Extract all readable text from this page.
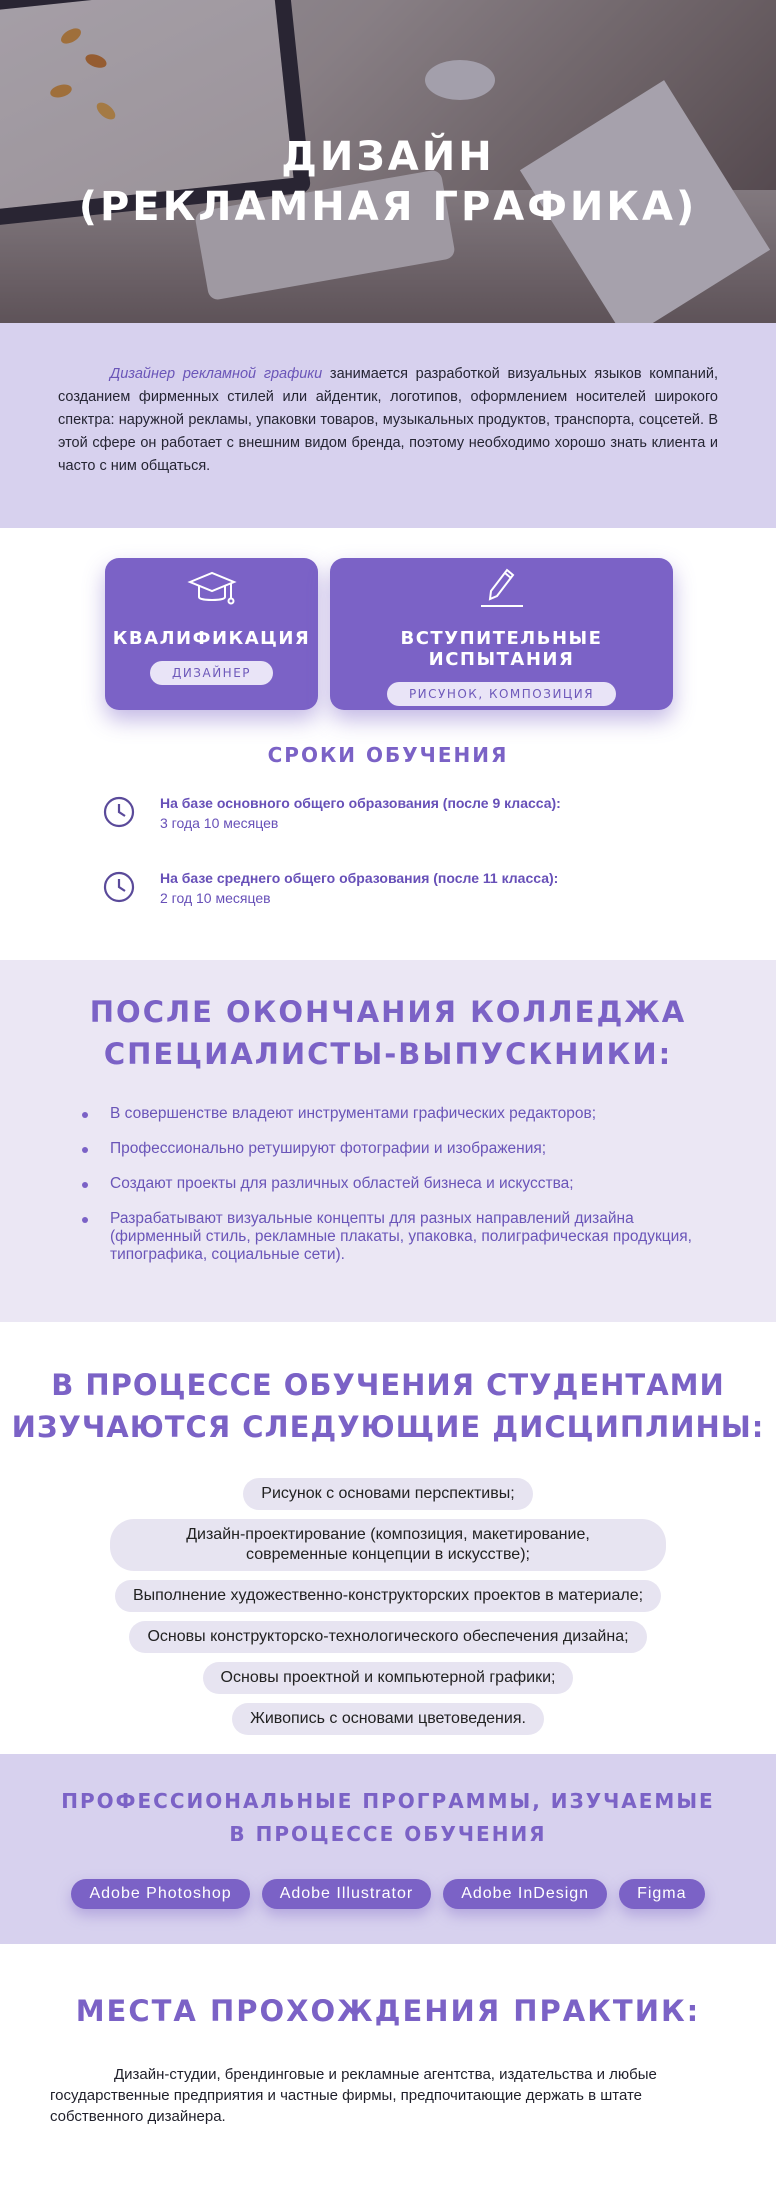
ДИЗАЙН
(РЕКЛАМНАЯ ГРАФИКА)

Дизайнер рекламной графики занимается разработкой визуальных языков компаний, созданием фирменных стилей или айдентик, логотипов, оформлением носителей широкого спектра: наружной рекламы, упаковки товаров, музыкальных продуктов, транспорта, соцсетей. В этой сфере он работает с внешним видом бренда, поэтому необходимо хорошо знать клиента и часто с ним общаться.

КВАЛИФИКАЦИЯ
ДИЗАЙНЕР
ВСТУПИТЕЛЬНЫЕ ИСПЫТАНИЯ
РИСУНОК, КОМПОЗИЦИЯ
СРОКИ ОБУЧЕНИЯ
На базе основного общего образования (после 9 класса):
3 года 10 месяцев
На базе среднего общего образования (после 11 класса):
2 год 10 месяцев
ПОСЛЕ ОКОНЧАНИЯ КОЛЛЕДЖА
СПЕЦИАЛИСТЫ-ВЫПУСКНИКИ:
В совершенстве владеют инструментами графических редакторов;
Профессионально ретушируют фотографии и изображения;
Создают проекты для различных областей бизнеса и искусства;
Разрабатывают визуальные концепты для разных направлений дизайна (фирменный стиль, рекламные плакаты, упаковка, полиграфическая продукция, типографика, социальные сети).
В ПРОЦЕССЕ ОБУЧЕНИЯ СТУДЕНТАМИ
ИЗУЧАЮТСЯ СЛЕДУЮЩИЕ ДИСЦИПЛИНЫ:
Рисунок с основами перспективы;
Дизайн-проектирование (композиция, макетирование, современные концепции в искусстве);
Выполнение художественно-конструкторских проектов в материале;
Основы конструкторско-технологического обеспечения дизайна;
Основы проектной и компьютерной графики;
Живопись с основами цветоведения.
ПРОФЕССИОНАЛЬНЫЕ ПРОГРАММЫ, ИЗУЧАЕМЫЕ
В ПРОЦЕССЕ ОБУЧЕНИЯ
Adobe Photoshop	Adobe Illustrator	Adobe InDesign	Figma
МЕСТА ПРОХОЖДЕНИЯ ПРАКТИК:

Дизайн-студии, брендинговые и рекламные агентства, издательства и любые государственные предприятия и частные фирмы, предпочитающие держать в штате собственного дизайнера.
